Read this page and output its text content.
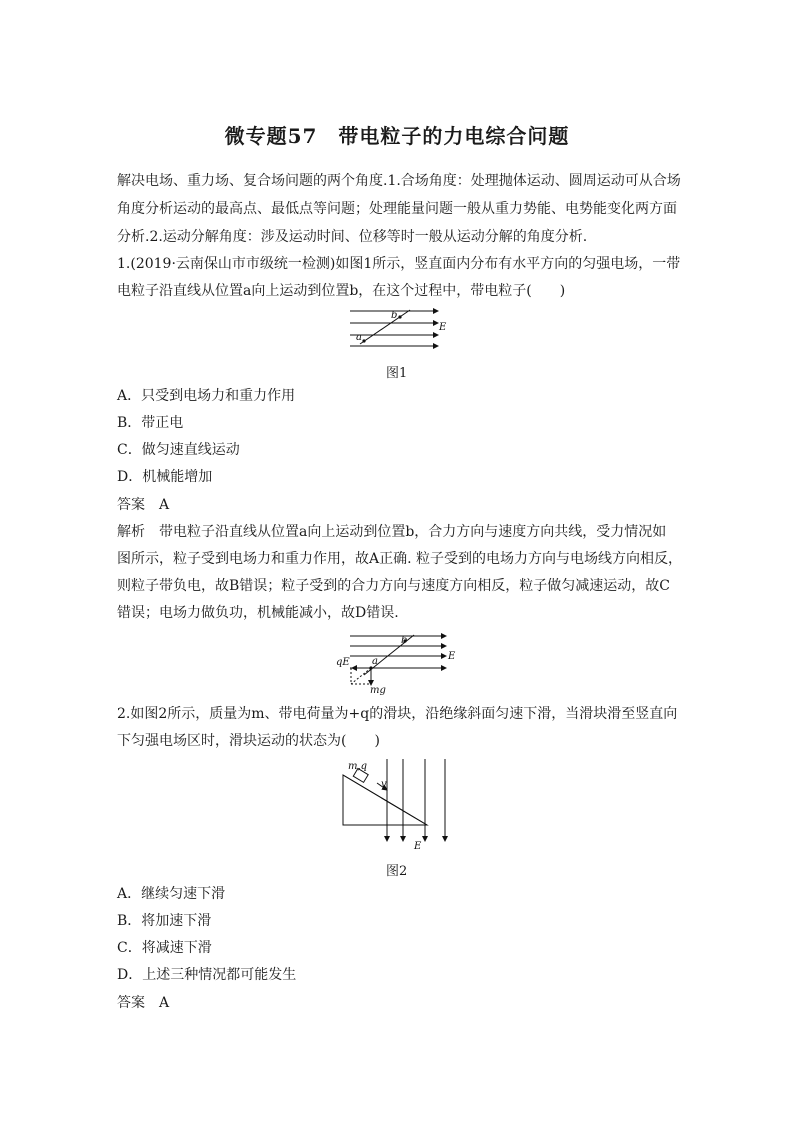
微专题57　带电粒子的力电综合问题
解决电场、重力场、复合场问题的两个角度.1.合场角度：处理抛体运动、圆周运动可从合场
角度分析运动的最高点、最低点等问题；处理能量问题一般从重力势能、电势能变化两方面
分析.2.运动分解角度：涉及运动时间、位移等时一般从运动分解的角度分析.
1.(2019·云南保山市市级统一检测)如图1所示，竖直面内分布有水平方向的匀强电场，一带
电粒子沿直线从位置a向上运动到位置b，在这个过程中，带电粒子(　　)
b
a
E
图1
A．只受到电场力和重力作用
B．带正电
C．做匀速直线运动
D．机械能增加
答案　A
解析　带电粒子沿直线从位置a向上运动到位置b，合力方向与速度方向共线，受力情况如
图所示，粒子受到电场力和重力作用，故A正确. 粒子受到的电场力方向与电场线方向相反，
则粒子带负电，故B错误；粒子受到的合力方向与速度方向相反，粒子做匀减速运动，故C
错误；电场力做负功，机械能减小，故D错误.
qE a
b
E
mg
2.如图2所示，质量为m、带电荷量为+q的滑块，沿绝缘斜面匀速下滑，当滑块滑至竖直向
下匀强电场区时，滑块运动的状态为(　　)
m,q
v
E
图2
A．继续匀速下滑
B．将加速下滑
C．将减速下滑
D．上述三种情况都可能发生
答案　A
